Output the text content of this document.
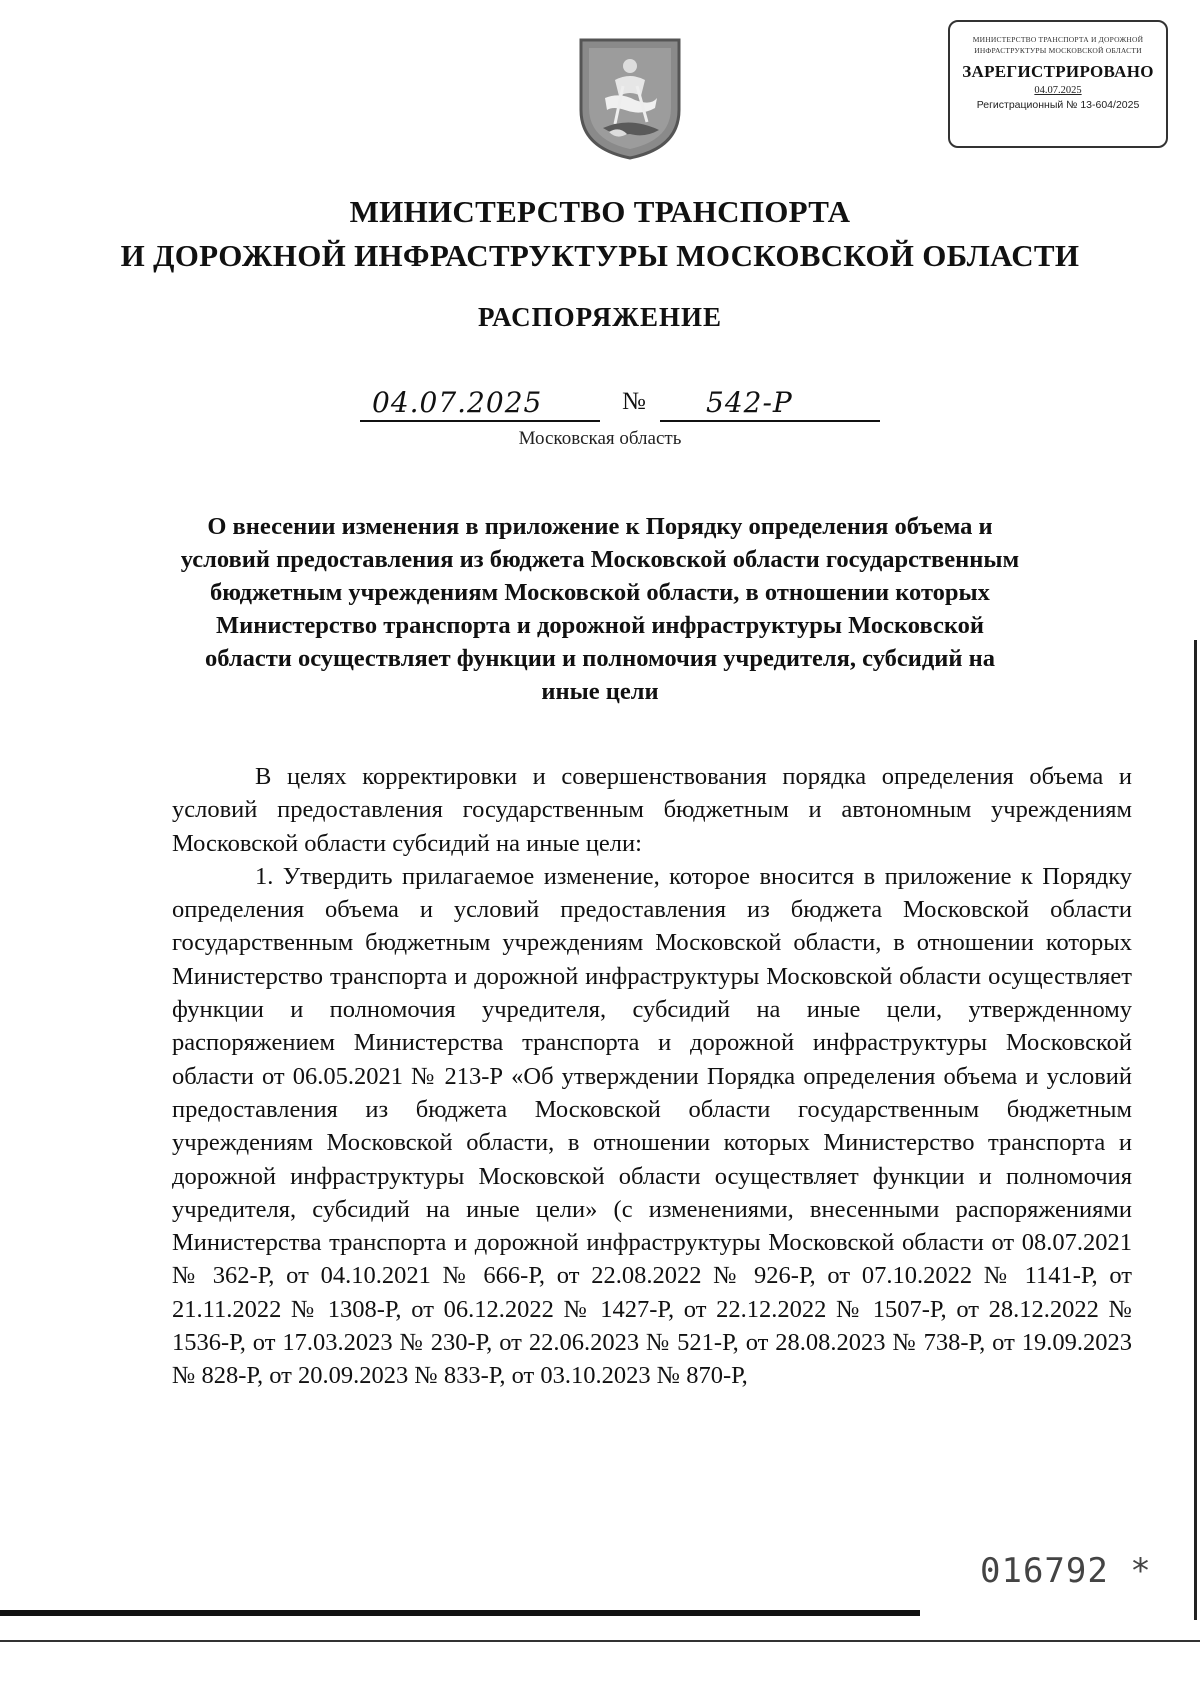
МИНИСТЕРСТВО ТРАНСПОРТА И ДОРОЖНОЙ ИНФРАСТРУКТУРЫ МОСКОВСКОЙ ОБЛАСТИ
ЗАРЕГИСТРИРОВАНО
04.07.2025
Регистрационный № 13-604/2025
МИНИСТЕРСТВО ТРАНСПОРТА
И ДОРОЖНОЙ ИНФРАСТРУКТУРЫ МОСКОВСКОЙ ОБЛАСТИ
РАСПОРЯЖЕНИЕ
04.07.2025	№ 542-Р
Московская область
О внесении изменения в приложение к Порядку определения объема и условий предоставления из бюджета Московской области государственным бюджетным учреждениям Московской области, в отношении которых Министерство транспорта и дорожной инфраструктуры Московской области осуществляет функции и полномочия учредителя, субсидий на иные цели

В целях корректировки и совершенствования порядка определения объема и условий предоставления государственным бюджетным и автономным учреждениям Московской области субсидий на иные цели:

1. Утвердить прилагаемое изменение, которое вносится в приложение к Порядку определения объема и условий предоставления из бюджета Московской области государственным бюджетным учреждениям Московской области, в отношении которых Министерство транспорта и дорожной инфраструктуры Московской области осуществляет функции и полномочия учредителя, субсидий на иные цели, утвержденному распоряжением Министерства транспорта и дорожной инфраструктуры Московской области от 06.05.2021 № 213-Р «Об утверждении Порядка определения объема и условий предоставления из бюджета Московской области государственным бюджетным учреждениям Московской области, в отношении которых Министерство транспорта и дорожной инфраструктуры Московской области осуществляет функции и полномочия учредителя, субсидий на иные цели» (с изменениями, внесенными распоряжениями Министерства транспорта и дорожной инфраструктуры Московской области от 08.07.2021 № 362-Р, от 04.10.2021 № 666-Р, от 22.08.2022 № 926-Р, от 07.10.2022 № 1141-Р, от 21.11.2022 № 1308-Р, от 06.12.2022 № 1427-Р, от 22.12.2022 № 1507-Р, от 28.12.2022 № 1536-Р, от 17.03.2023 № 230-Р, от 22.06.2023 № 521-Р, от 28.08.2023 № 738-Р, от 19.09.2023 № 828-Р, от 20.09.2023 № 833-Р, от 03.10.2023 № 870-Р,

016792 *
